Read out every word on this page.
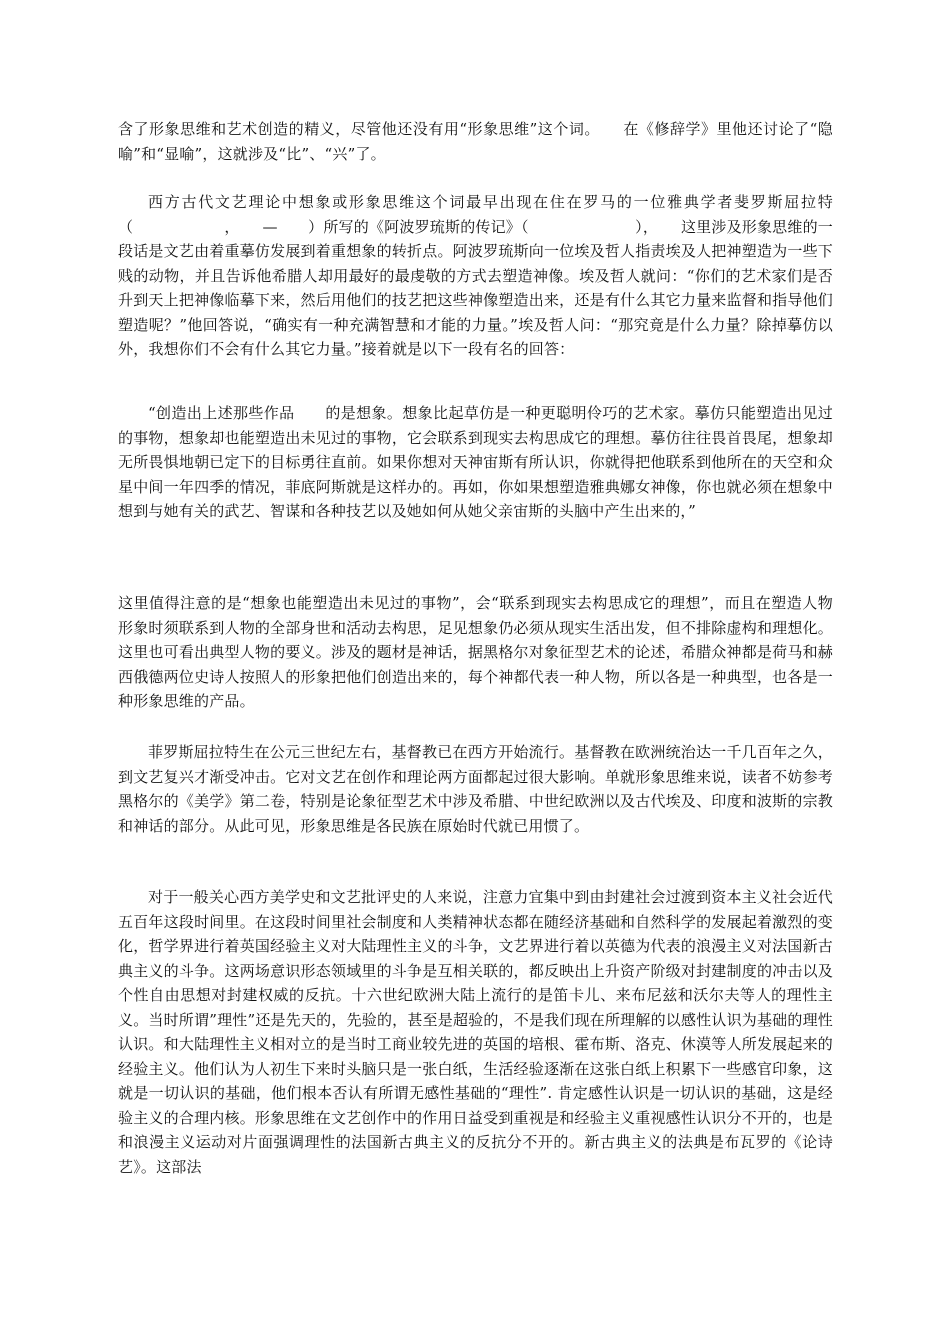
含了形象思维和艺术创造的精义，尽管他还没有用“形象思维”这个词。　　在《修辞学》里他还讨论了“隐喻”和“显喻”，这就涉及“比”、“兴”了。

西方古代文艺理论中想象或形象思维这个词最早出现在住在罗马的一位雅典学者斐罗斯屈拉特（　　　　　　，　　—　　）所写的《阿波罗琉斯的传记》（　　　　　　　），　　这里涉及形象思维的一段话是文艺由着重摹仿发展到着重想象的转折点。阿波罗琉斯向一位埃及哲人指责埃及人把神塑造为一些下贱的动物，并且告诉他希腊人却用最好的最虔敬的方式去塑造神像。埃及哲人就问：“你们的艺术家们是否升到天上把神像临摹下来，然后用他们的技艺把这些神像塑造出来，还是有什么其它力量来监督和指导他们塑造呢？”他回答说，“确实有一种充满智慧和才能的力量。”埃及哲人问：“那究竟是什么力量？除掉摹仿以外，我想你们不会有什么其它力量。”接着就是以下一段有名的回答：

“创造出上述那些作品　　的是想象。想象比起草仿是一种更聪明伶巧的艺术家。摹仿只能塑造出见过的事物，想象却也能塑造出未见过的事物，它会联系到现实去构思成它的理想。摹仿往往畏首畏尾，想象却无所畏惧地朝已定下的目标勇往直前。如果你想对天神宙斯有所认识，你就得把他联系到他所在的天空和众星中间一年四季的情况，菲底阿斯就是这样办的。再如，你如果想塑造雅典娜女神像，你也就必须在想象中想到与她有关的武艺、智谋和各种技艺以及她如何从她父亲宙斯的头脑中产生出来的，”

这里值得注意的是“想象也能塑造出未见过的事物”，会“联系到现实去构思成它的理想”，而且在塑造人物形象时须联系到人物的全部身世和活动去构思，足见想象仍必须从现实生活出发，但不排除虚构和理想化。这里也可看出典型人物的要义。涉及的题材是神话，据黑格尔对象征型艺术的论述，希腊众神都是荷马和赫西俄德两位史诗人按照人的形象把他们创造出来的，每个神都代表一种人物，所以各是一种典型，也各是一种形象思维的产品。

菲罗斯屈拉特生在公元三世纪左右，基督教已在西方开始流行。基督教在欧洲统治达一千几百年之久，到文艺复兴才渐受冲击。它对文艺在创作和理论两方面都起过很大影响。单就形象思维来说，读者不妨参考黑格尔的《美学》第二卷，特别是论象征型艺术中涉及希腊、中世纪欧洲以及古代埃及、印度和波斯的宗教和神话的部分。从此可见，形象思维是各民族在原始时代就已用惯了。

对于一般关心西方美学史和文艺批评史的人来说，注意力宜集中到由封建社会过渡到资本主义社会近代五百年这段时间里。在这段时间里社会制度和人类精神状态都在随经济基础和自然科学的发展起着激烈的变化，哲学界进行着英国经验主义对大陆理性主义的斗争，文艺界进行着以英德为代表的浪漫主义对法国新古典主义的斗争。这两场意识形态领域里的斗争是互相关联的，都反映出上升资产阶级对封建制度的冲击以及个性自由思想对封建权威的反抗。十六世纪欧洲大陆上流行的是笛卡儿、来布尼兹和沃尔夫等人的理性主义。当时所谓”理性”还是先天的，先验的，甚至是超验的，不是我们现在所理解的以感性认识为基础的理性认识。和大陆理性主义相对立的是当时工商业较先进的英国的培根、霍布斯、洛克、休漠等人所发展起来的经验主义。他们认为人初生下来时头脑只是一张白纸，生活经验逐渐在这张白纸上积累下一些感官印象，这就是一切认识的基础，他们根本否认有所谓无感性基础的“理性”. 肯定感性认识是一切认识的基础，这是经验主义的合理内核。形象思维在文艺创作中的作用日益受到重视是和经验主义重视感性认识分不开的，也是和浪漫主义运动对片面强调理性的法国新古典主义的反抗分不开的。新古典主义的法典是布瓦罗的《论诗艺》。这部法
